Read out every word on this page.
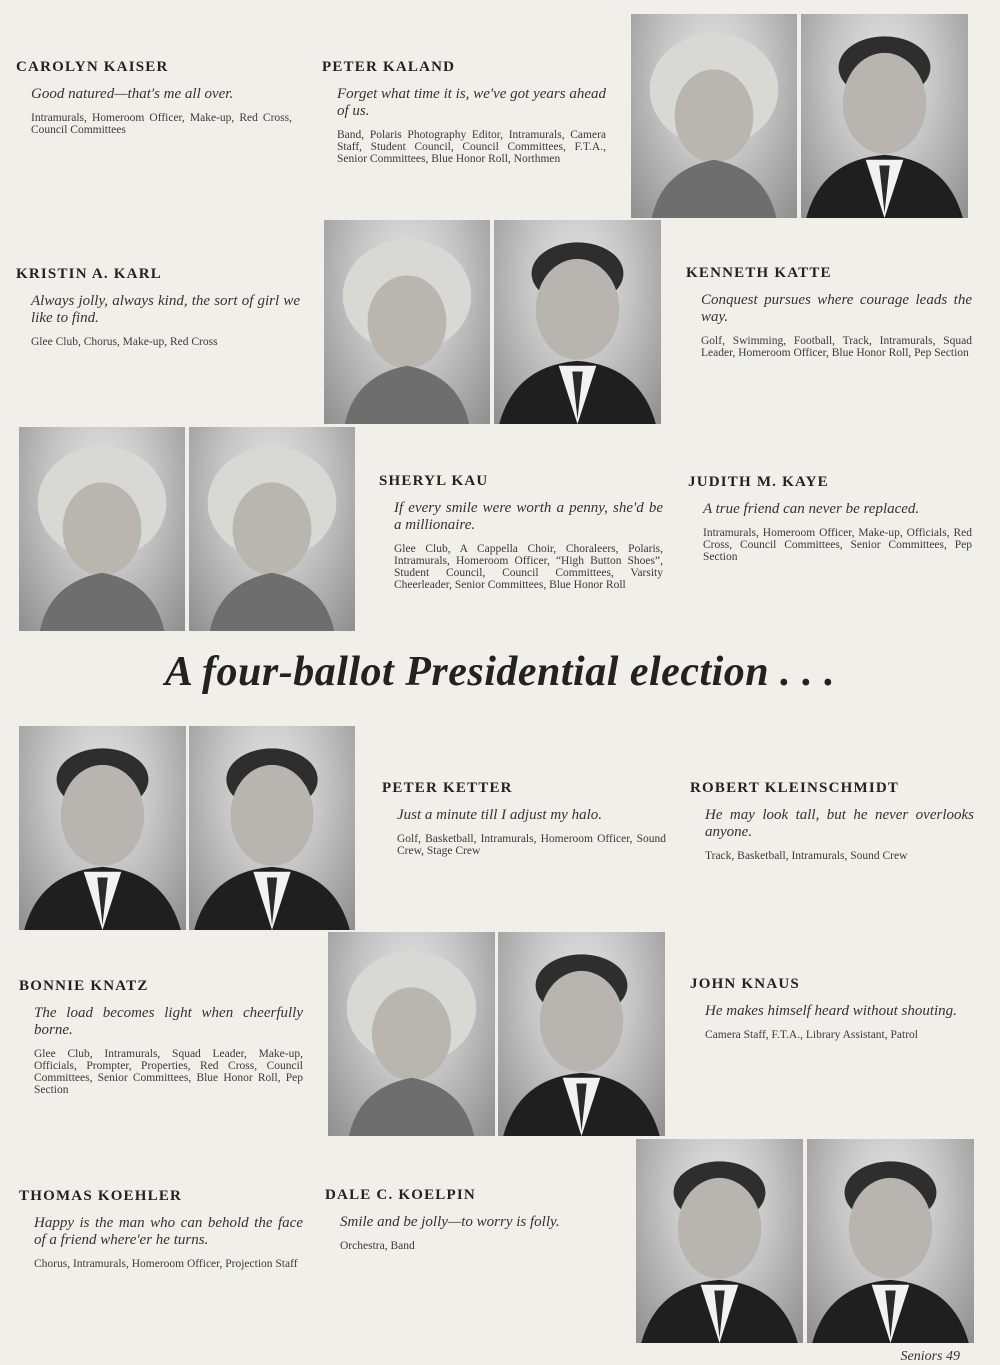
CAROLYN KAISER

Good natured—that's me all over.

Intramurals, Homeroom Officer, Make-up, Red Cross, Council Committees

PETER KALAND

Forget what time it is, we've got years ahead of us.

Band, Polaris Photography Editor, Intramurals, Camera Staff, Student Council, Council Committees, F.T.A., Senior Committees, Blue Honor Roll, Northmen

KRISTIN A. KARL

Always jolly, always kind, the sort of girl we like to find.

Glee Club, Chorus, Make-up, Red Cross

KENNETH KATTE

Conquest pursues where courage leads the way.

Golf, Swimming, Football, Track, Intramurals, Squad Leader, Homeroom Officer, Blue Honor Roll, Pep Section

SHERYL KAU

If every smile were worth a penny, she'd be a millionaire.

Glee Club, A Cappella Choir, Choraleers, Polaris, Intramurals, Homeroom Officer, “High Button Shoes”, Student Council, Council Committees, Varsity Cheerleader, Senior Committees, Blue Honor Roll

JUDITH M. KAYE

A true friend can never be replaced.

Intramurals, Homeroom Officer, Make-up, Officials, Red Cross, Council Committees, Senior Committees, Pep Section

A four-ballot Presidential election . . .

PETER KETTER

Just a minute till I adjust my halo.

Golf, Basketball, Intramurals, Homeroom Officer, Sound Crew, Stage Crew

ROBERT KLEINSCHMIDT

He may look tall, but he never overlooks anyone.

Track, Basketball, Intramurals, Sound Crew

BONNIE KNATZ

The load becomes light when cheerfully borne.

Glee Club, Intramurals, Squad Leader, Make-up, Officials, Prompter, Properties, Red Cross, Council Committees, Senior Committees, Blue Honor Roll, Pep Section

JOHN KNAUS

He makes himself heard without shouting.

Camera Staff, F.T.A., Library Assistant, Patrol

THOMAS KOEHLER

Happy is the man who can behold the face of a friend where'er he turns.

Chorus, Intramurals, Homeroom Officer, Projection Staff

DALE C. KOELPIN

Smile and be jolly—to worry is folly.

Orchestra, Band

Seniors 49
